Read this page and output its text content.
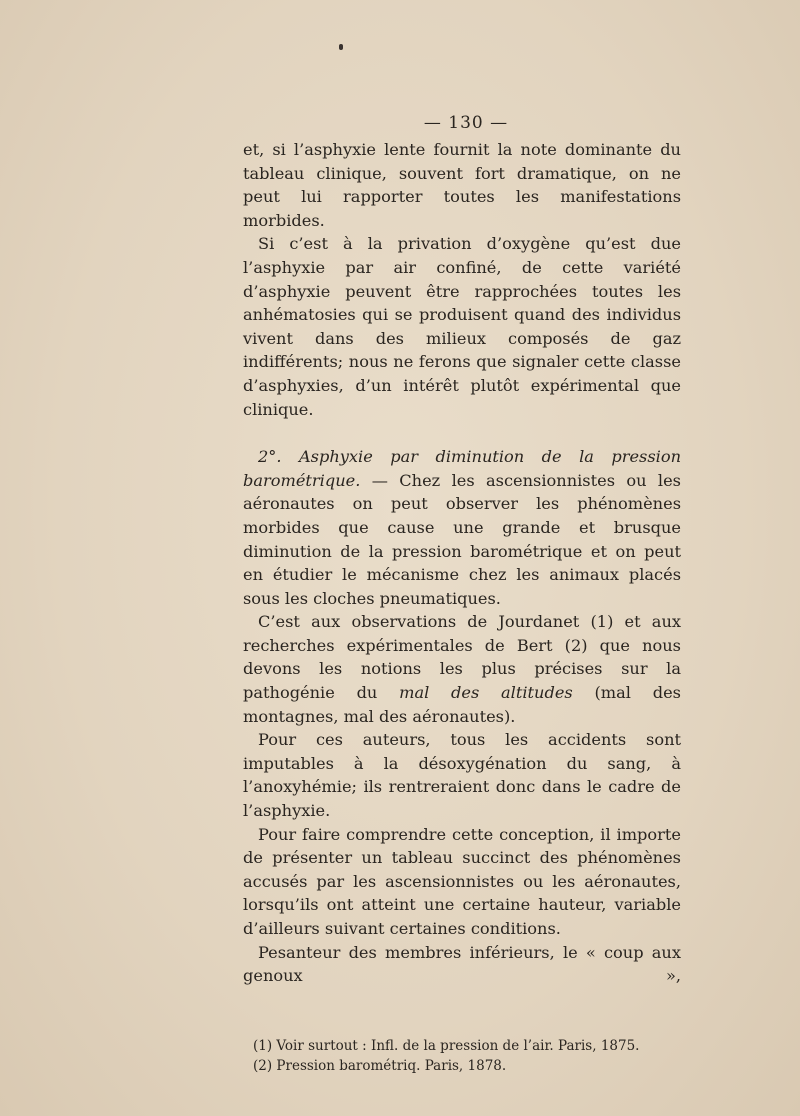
— 130 —

et, si l’asphyxie lente fournit la note dominante du tableau clinique, souvent fort dramatique, on ne peut lui rapporter toutes les manifestations morbides.

Si c’est à la privation d’oxygène qu’est due l’asphyxie par air confiné, de cette variété d’asphyxie peuvent être rapprochées toutes les anhématosies qui se produisent quand des individus vivent dans des milieux composés de gaz indifférents; nous ne ferons que signaler cette classe d’asphyxies, d’un intérêt plutôt expérimental que clinique.

2°. Asphyxie par diminution de la pression barométrique. — Chez les ascensionnistes ou les aéronautes on peut observer les phénomènes morbides que cause une grande et brusque diminution de la pression barométrique et on peut en étudier le mécanisme chez les animaux placés sous les cloches pneumatiques.

C’est aux observations de Jourdanet (1) et aux recherches expérimentales de Bert (2) que nous devons les notions les plus précises sur la pathogénie du mal des altitudes (mal des montagnes, mal des aéronautes).

Pour ces auteurs, tous les accidents sont imputables à la désoxygénation du sang, à l’anoxyhémie; ils rentreraient donc dans le cadre de l’asphyxie.

Pour faire comprendre cette conception, il importe de présenter un tableau succinct des phénomènes accusés par les ascensionnistes ou les aéronautes, lorsqu’ils ont atteint une certaine hauteur, variable d’ailleurs suivant certaines conditions.

Pesanteur des membres inférieurs, le « coup aux genoux »,

(1) Voir surtout : Infl. de la pression de l’air. Paris, 1875.

(2) Pression barométriq. Paris, 1878.
